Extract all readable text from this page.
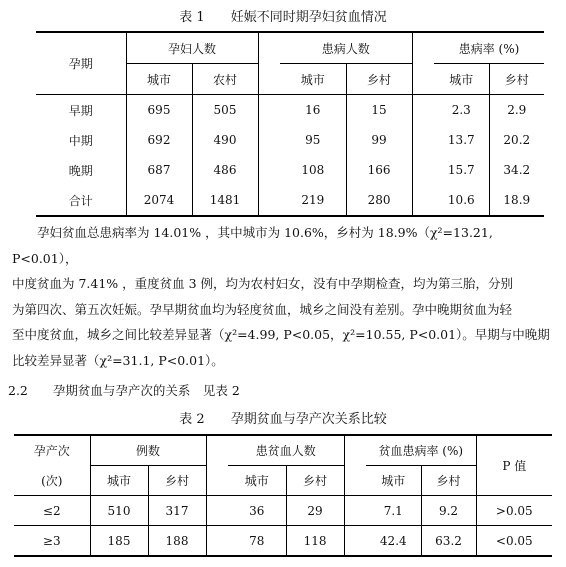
表 1　　妊娠不同时期孕妇贫血情况
孕期	孕妇人数			患病人数			患病率 (%)	
	城市	农村		城市	乡村		城市	乡村
早期	695	505		16	15		2.3	2.9
中期	692	490		95	99		13.7	20.2
晚期	687	486		108	166		15.7	34.2
合计	2074	1481		219	280		10.6	18.9

孕妇贫血总患病率为 14.01% ，其中城市为 10.6%，乡村为 18.9%（χ²=13.21, P<0.01），

中度贫血为 7.41% ，重度贫血 3 例，均为农村妇女，没有中孕期检查，均为第三胎，分别

为第四次、第五次妊娠。孕早期贫血均为轻度贫血，城乡之间没有差别。孕中晚期贫血为轻

至中度贫血，城乡之间比较差异显著（χ²=4.99, P<0.05，χ²=10.55, P<0.01）。早期与中晚期

比较差异显著（χ²=31.1, P<0.01）。

2.2　　孕期贫血与孕产次的关系　见表 2
表 2　　孕期贫血与孕产次关系比较
孕产次	例数			患贫血人数			贫血患病率 (%)		P 值
(次)	城市	乡村		城市	乡村		城市	乡村	
≤2	510	317		36	29		7.1	9.2	>0.05
≥3	185	188		78	118		42.4	63.2	<0.05
